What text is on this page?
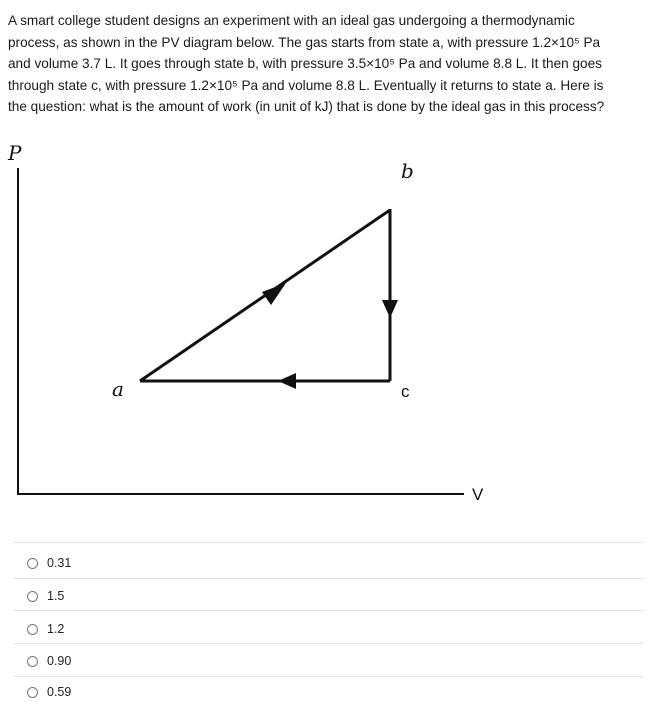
A smart college student designs an experiment with an ideal gas undergoing a thermodynamic

process, as shown in the PV diagram below. The gas starts from state a, with pressure 1.2×10⁵ Pa

and volume 3.7 L. It goes through state b, with pressure 3.5×10⁵ Pa and volume 8.8 L. It then goes

through state c, with pressure 1.2×10⁵ Pa and volume 8.8 L. Eventually it returns to state a. Here is

the question: what is the amount of work (in unit of kJ) that is done by the ideal gas in this process?

P
V
a
b
c
0.31
1.5
1.2
0.90
0.59
